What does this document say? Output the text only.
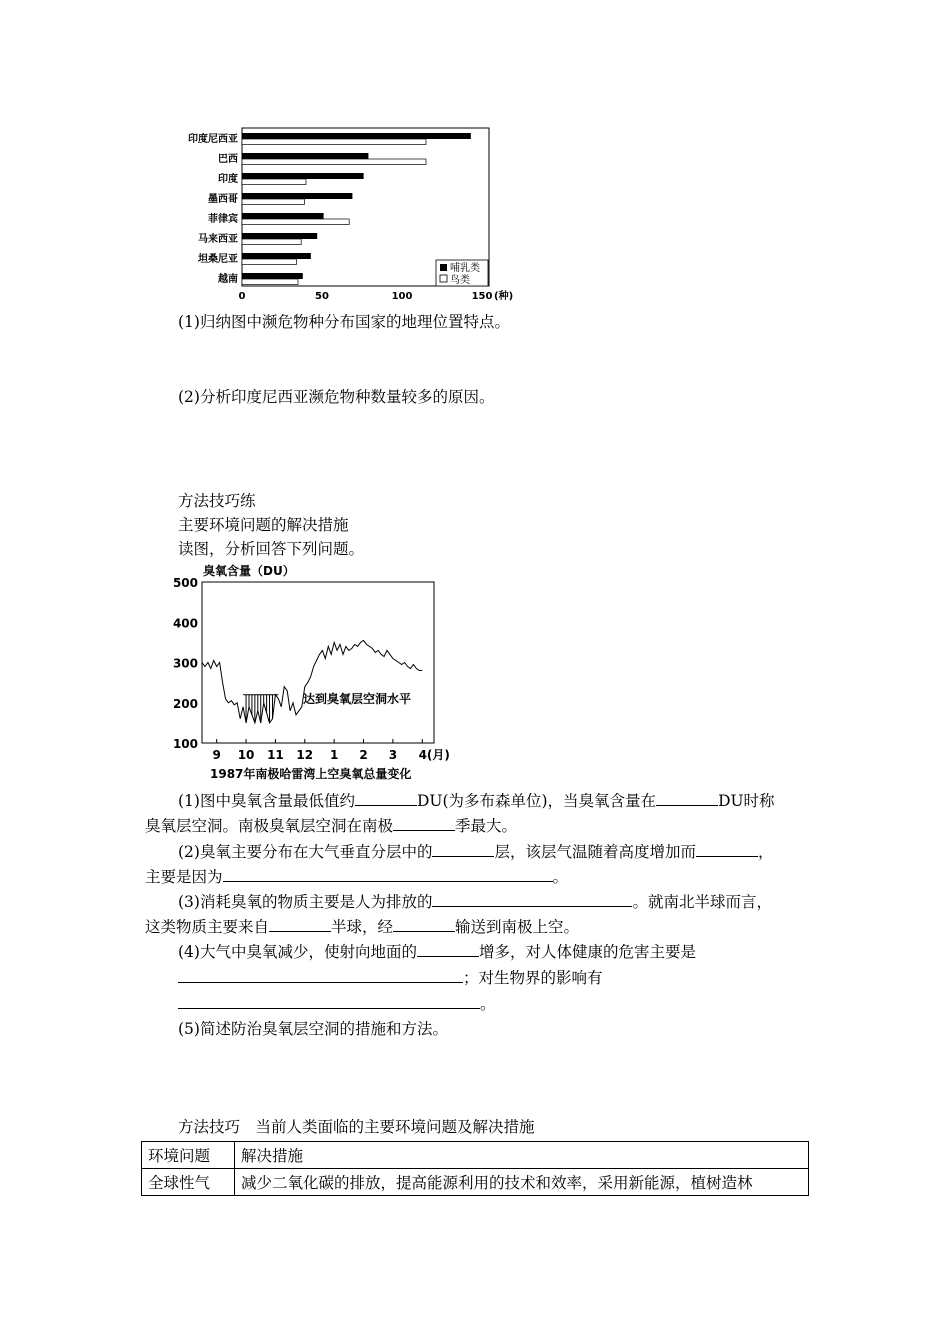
印度尼西亚
巴西
印度
墨西哥
菲律宾
马来西亚
坦桑尼亚
越南
0	50	100	150 (种)
哺乳类
鸟类
(1)归纳图中濒危物种分布国家的地理位置特点。
(2)分析印度尼西亚濒危物种数量较多的原因。
方法技巧练
主要环境问题的解决措施
读图，分析回答下列问题。
臭氧含量（DU）
500
400
300
200
100
9 10 11 12 1 2 3 4(月)
达到臭氧层空洞水平
1987年南极哈雷湾上空臭氧总量变化
(1)图中臭氧含量最低值约	DU(为多布森单位)，当臭氧含量在	DU时称
臭氧层空洞。南极臭氧层空洞在南极	季最大。
(2)臭氧主要分布在大气垂直分层中的	层，该层气温随着高度增加而	，
主要是因为	。
(3)消耗臭氧的物质主要是人为排放的	。就南北半球而言，
这类物质主要来自	半球，经	输送到南极上空。
(4)大气中臭氧减少，使射向地面的	增多，对人体健康的危害主要是
；对生物界的影响有
。
(5)简述防治臭氧层空洞的措施和方法。
方法技巧　当前人类面临的主要环境问题及解决措施
环境问题	解决措施
全球性气	减少二氧化碳的排放，提高能源利用的技术和效率，采用新能源，植树造林
